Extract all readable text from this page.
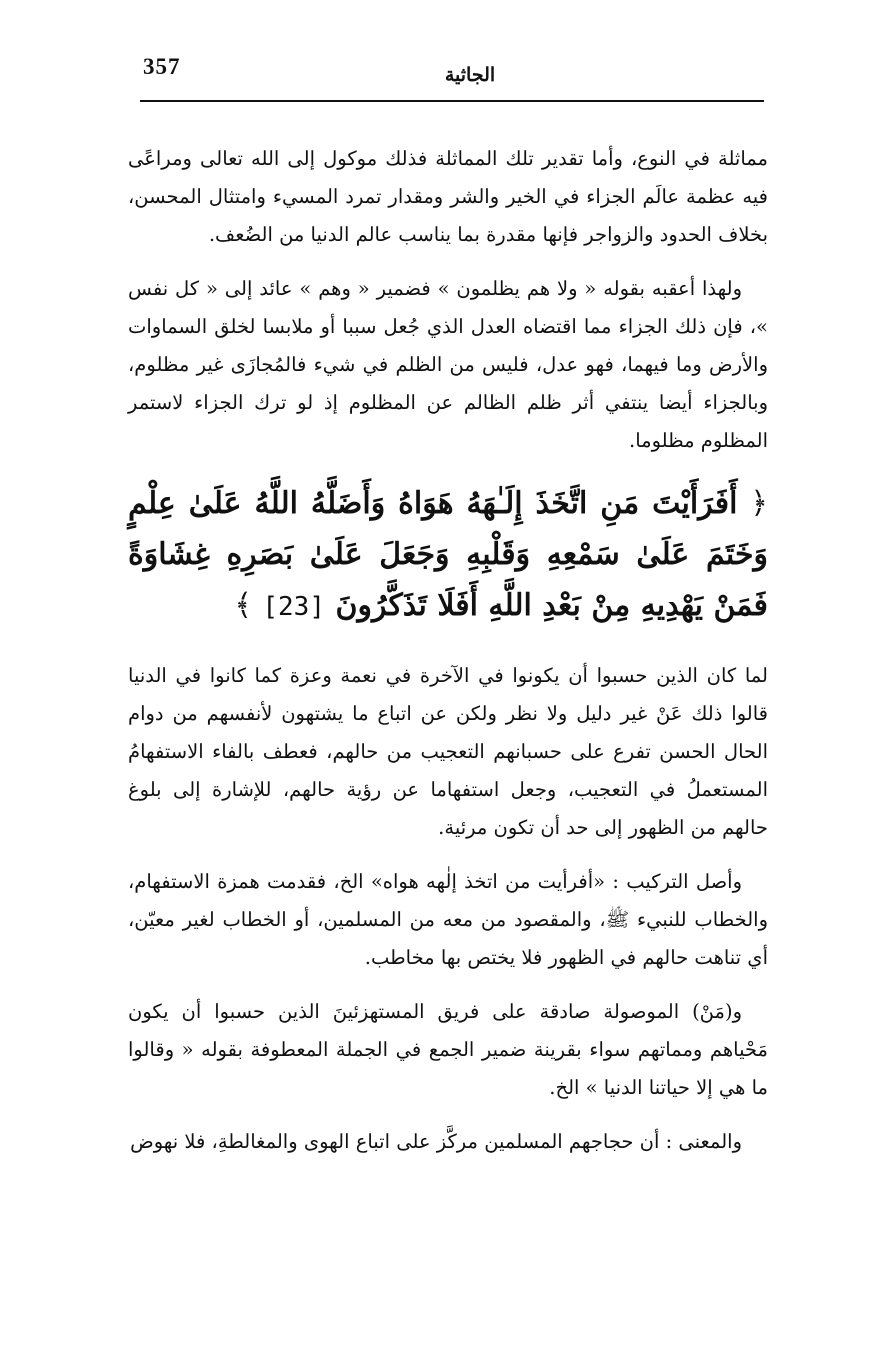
357	الجاثية

مماثلة في النوع، وأما تقدير تلك المماثلة فذلك موكول إلى الله تعالى ومراعًى فيه عظمة عالَم الجزاء في الخير والشر ومقدار تمرد المسيء وامتثال المحسن، بخلاف الحدود والزواجر فإنها مقدرة بما يناسب عالم الدنيا من الضُعف.

ولهذا أعقبه بقوله « ولا هم يظلمون » فضمير « وهم » عائد إلى « كل نفس »، فإن ذلك الجزاء مما اقتضاه العدل الذي جُعل سببا أو ملابسا لخلق السماوات والأرض وما فيهما، فهو عدل، فليس من الظلم في شيء فالمُجازَى غير مظلوم، وبالجزاء أيضا ينتفي أثر ظلم الظالم عن المظلوم إذ لو ترك الجزاء لاستمر المظلوم مظلوما.

﴿ أَفَرَأَيْتَ مَنِ اتَّخَذَ إِلَـٰهَهُ هَوَاهُ وَأَضَلَّهُ اللَّهُ عَلَىٰ عِلْمٍ وَخَتَمَ عَلَىٰ سَمْعِهِ وَقَلْبِهِ وَجَعَلَ عَلَىٰ بَصَرِهِ غِشَاوَةً فَمَنْ يَهْدِيهِ مِنْ بَعْدِ اللَّهِ أَفَلَا تَذَكَّرُونَ [23] ﴾

لما كان الذين حسبوا أن يكونوا في الآخرة في نعمة وعزة كما كانوا في الدنيا قالوا ذلك عَنْ غير دليل ولا نظر ولكن عن اتباع ما يشتهون لأنفسهم من دوام الحال الحسن تفرع على حسبانهم التعجيب من حالهم، فعطف بالفاء الاستفهامُ المستعملُ في التعجيب، وجعل استفهاما عن رؤية حالهم، للإشارة إلى بلوغ حالهم من الظهور إلى حد أن تكون مرئية.

وأصل التركيب : «أفرأيت من اتخذ إلٰهه هواه» الخ، فقدمت همزة الاستفهام، والخطاب للنبيء ﷺ، والمقصود من معه من المسلمين، أو الخطاب لغير معيّن، أي تناهت حالهم في الظهور فلا يختص بها مخاطب.

و(مَنْ) الموصولة صادقة على فريق المستهزئينَ الذين حسبوا أن يكون مَحْياهم ومماتهم سواء بقرينة ضمير الجمع في الجملة المعطوفة بقوله « وقالوا ما هي إلا حياتنا الدنيا » الخ.

والمعنى : أن حجاجهم المسلمين مركَّز على اتباع الهوى والمغالطةِ، فلا نهوض
